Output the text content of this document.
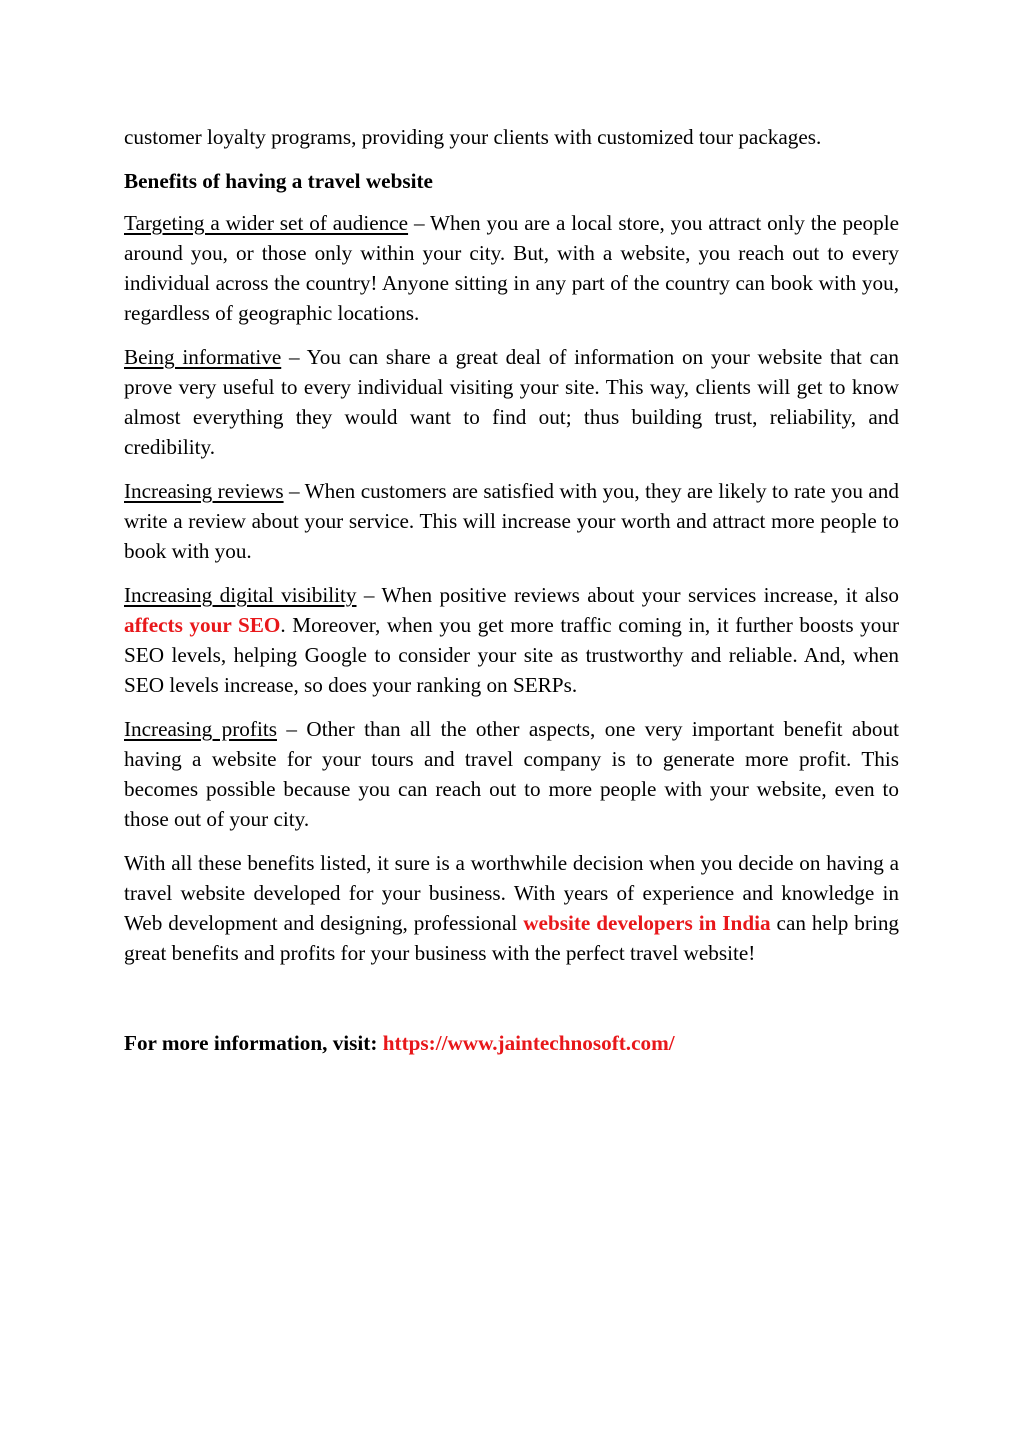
customer loyalty programs, providing your clients with customized tour packages.

Benefits of having a travel website

Targeting a wider set of audience – When you are a local store, you attract only the people around you, or those only within your city. But, with a website, you reach out to every individual across the country! Anyone sitting in any part of the country can book with you, regardless of geographic locations.

Being informative – You can share a great deal of information on your website that can prove very useful to every individual visiting your site. This way, clients will get to know almost everything they would want to find out; thus building trust, reliability, and credibility.

Increasing reviews – When customers are satisfied with you, they are likely to rate you and write a review about your service. This will increase your worth and attract more people to book with you.

Increasing digital visibility – When positive reviews about your services increase, it also affects your SEO. Moreover, when you get more traffic coming in, it further boosts your SEO levels, helping Google to consider your site as trustworthy and reliable. And, when SEO levels increase, so does your ranking on SERPs.

Increasing profits – Other than all the other aspects, one very important benefit about having a website for your tours and travel company is to generate more profit. This becomes possible because you can reach out to more people with your website, even to those out of your city.

With all these benefits listed, it sure is a worthwhile decision when you decide on having a travel website developed for your business. With years of experience and knowledge in Web development and designing, professional website developers in India can help bring great benefits and profits for your business with the perfect travel website!

For more information, visit: https://www.jaintechnosoft.com/
